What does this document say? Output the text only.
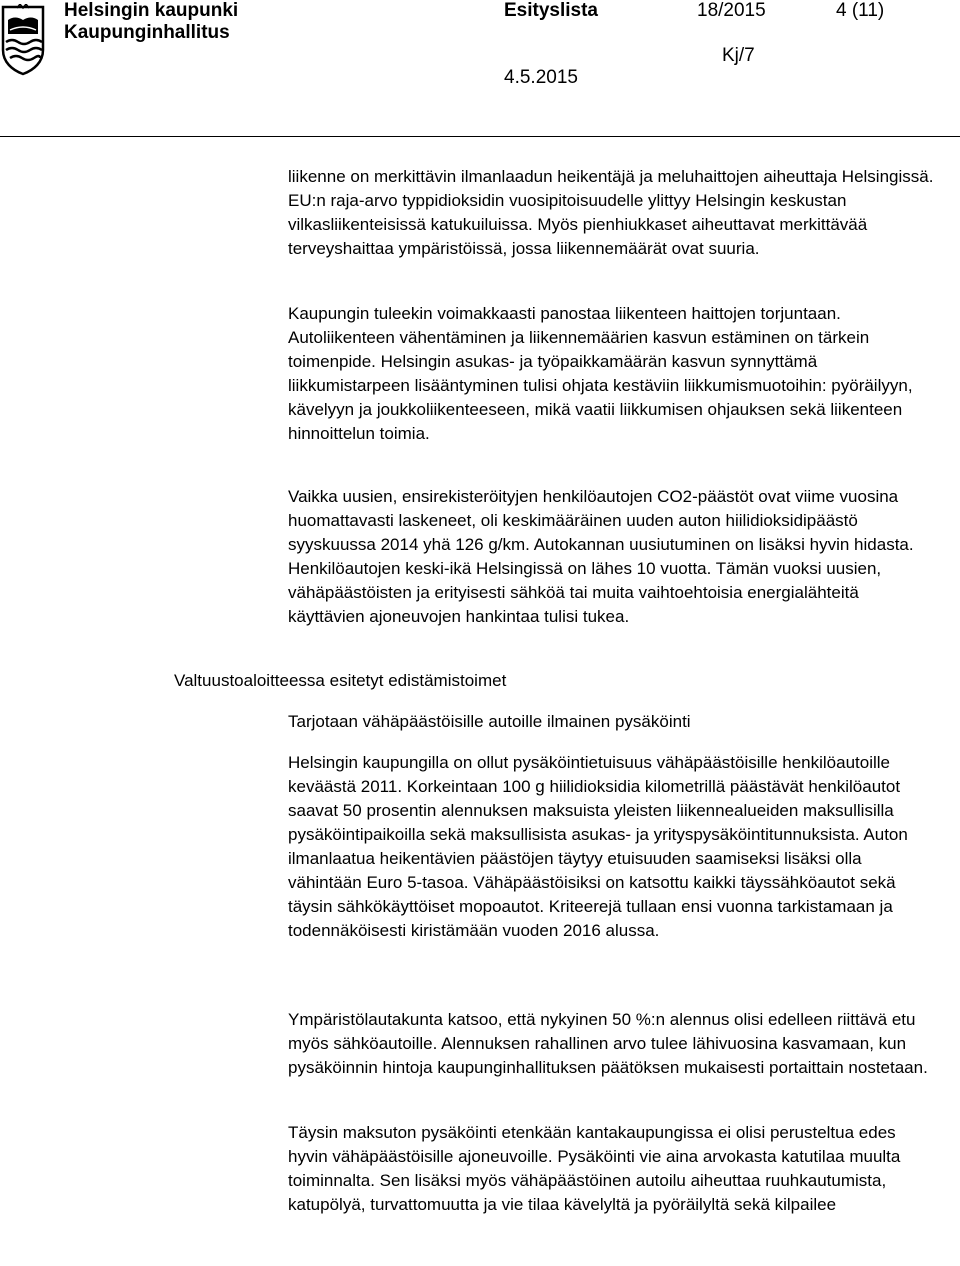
Helsingin kaupunki
Kaupunginhallitus
Esityslista	18/2015	4 (11)
Kj/7
4.5.2015

liikenne on merkittävin ilmanlaadun heikentäjä ja meluhaittojen aiheuttaja Helsingissä. EU:n raja-arvo typpidioksidin vuosipitoisuudelle ylittyy Helsingin keskustan vilkasliikenteisissä katukuiluissa. Myös pienhiukkaset aiheuttavat merkittävää terveyshaittaa ympäristöissä, jossa liikennemäärät ovat suuria.

Kaupungin tuleekin voimakkaasti panostaa liikenteen haittojen torjuntaan. Autoliikenteen vähentäminen ja liikennemäärien kasvun estäminen on tärkein toimenpide. Helsingin asukas- ja työpaikkamäärän kasvun synnyttämä liikkumistarpeen lisääntyminen tulisi ohjata kestäviin liikkumismuotoihin: pyöräilyyn, kävelyyn ja joukkoliikenteeseen, mikä vaatii liikkumisen ohjauksen sekä liikenteen hinnoittelun toimia.

Vaikka uusien, ensirekisteröityjen henkilöautojen CO2-päästöt ovat viime vuosina huomattavasti laskeneet, oli keskimääräinen uuden auton hiilidioksidipäästö syyskuussa 2014 yhä 126 g/km. Autokannan uusiutuminen on lisäksi hyvin hidasta. Henkilöautojen keski-ikä Helsingissä on lähes 10 vuotta. Tämän vuoksi uusien, vähäpäästöisten ja erityisesti sähköä tai muita vaihtoehtoisia energialähteitä käyttävien ajoneuvojen hankintaa tulisi tukea.

Valtuustoaloitteessa esitetyt edistämistoimet
Tarjotaan vähäpäästöisille autoille ilmainen pysäköinti

Helsingin kaupungilla on ollut pysäköintietuisuus vähäpäästöisille henkilöautoille keväästä 2011. Korkeintaan 100 g hiilidioksidia kilometrillä päästävät henkilöautot saavat 50 prosentin alennuksen maksuista yleisten liikennealueiden maksullisilla pysäköintipaikoilla sekä maksullisista asukas- ja yrityspysäköintitunnuksista. Auton ilmanlaatua heikentävien päästöjen täytyy etuisuuden saamiseksi lisäksi olla vähintään Euro 5-tasoa. Vähäpäästöisiksi on katsottu kaikki täyssähköautot sekä täysin sähkökäyttöiset mopoautot. Kriteerejä tullaan ensi vuonna tarkistamaan ja todennäköisesti kiristämään vuoden 2016 alussa.

Ympäristölautakunta katsoo, että nykyinen 50 %:n alennus olisi edelleen riittävä etu myös sähköautoille. Alennuksen rahallinen arvo tulee lähivuosina kasvamaan, kun pysäköinnin hintoja kaupunginhallituksen päätöksen mukaisesti portaittain nostetaan.

Täysin maksuton pysäköinti etenkään kantakaupungissa ei olisi perusteltua edes hyvin vähäpäästöisille ajoneuvoille. Pysäköinti vie aina arvokasta katutilaa muulta toiminnalta. Sen lisäksi myös vähäpäästöinen autoilu aiheuttaa ruuhkautumista, katupölyä, turvattomuutta ja vie tilaa kävelyltä ja pyöräilyltä sekä kilpailee
